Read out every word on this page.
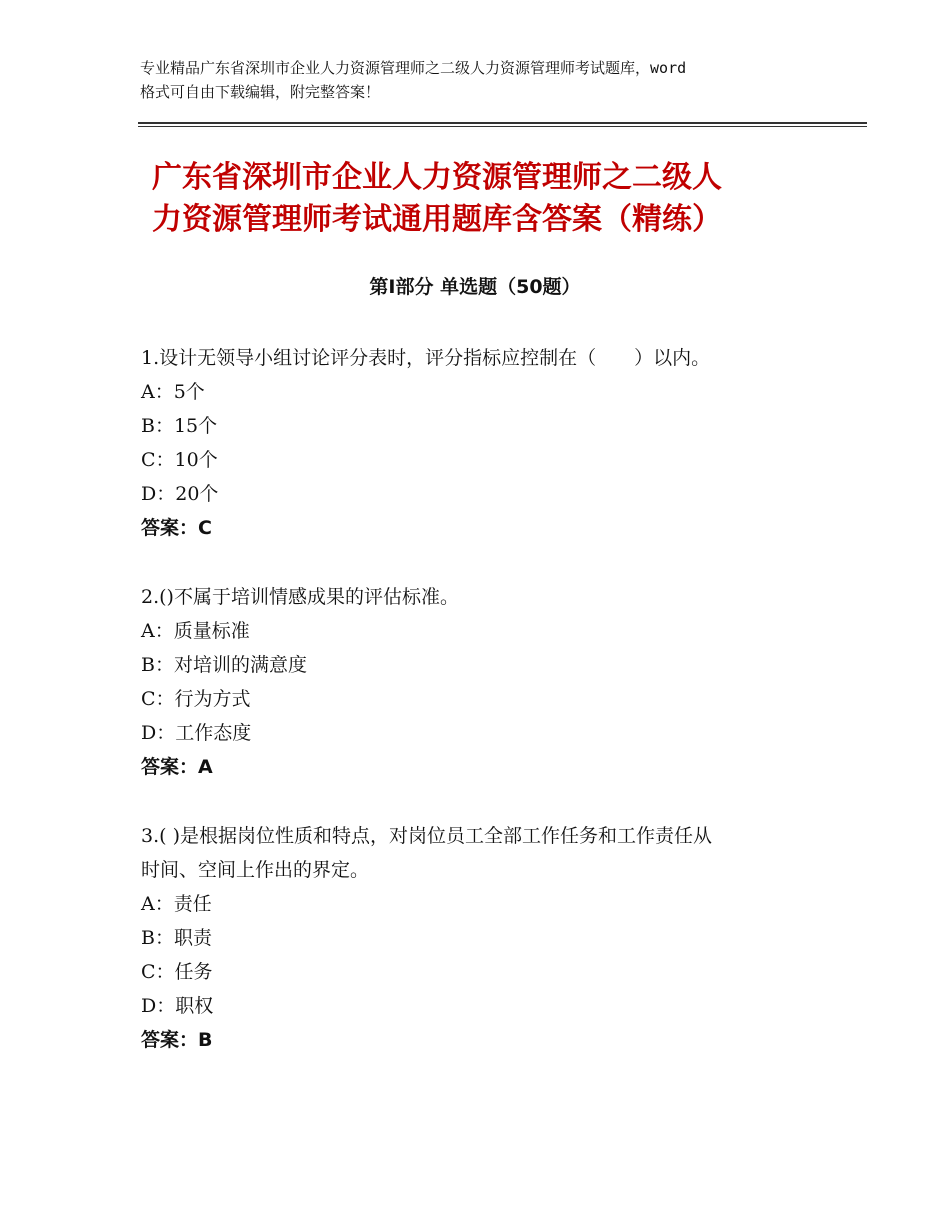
专业精品广东省深圳市企业人力资源管理师之二级人力资源管理师考试题库，word

格式可自由下载编辑，附完整答案！

广东省深圳市企业人力资源管理师之二级人

力资源管理师考试通用题库含答案（精练）

第Ⅰ部分 单选题（50题）

1.设计无领导小组讨论评分表时，评分指标应控制在（　　）以内。

A：5个

B：15个

C：10个

D：20个

答案：C

2.()不属于培训情感成果的评估标准。

A：质量标准

B：对培训的满意度

C：行为方式

D：工作态度

答案：A

3.( )是根据岗位性质和特点，对岗位员工全部工作任务和工作责任从

时间、空间上作出的界定。

A：责任

B：职责

C：任务

D：职权

答案：B
